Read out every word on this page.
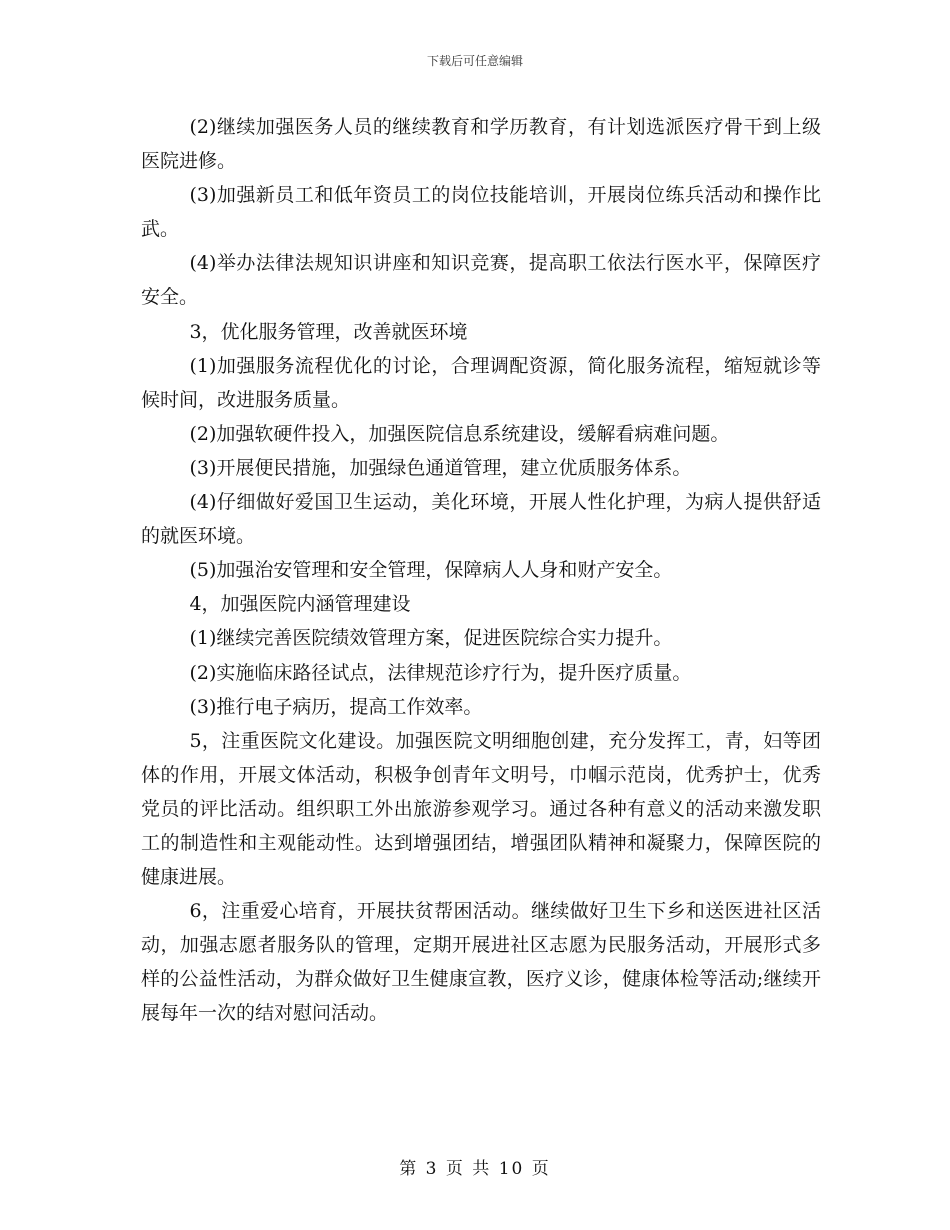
下载后可任意编辑

(2)继续加强医务人员的继续教育和学历教育，有计划选派医疗骨干到上级医院进修。

(3)加强新员工和低年资员工的岗位技能培训，开展岗位练兵活动和操作比武。

(4)举办法律法规知识讲座和知识竞赛，提高职工依法行医水平，保障医疗安全。

3，优化服务管理，改善就医环境

(1)加强服务流程优化的讨论，合理调配资源，简化服务流程，缩短就诊等候时间，改进服务质量。

(2)加强软硬件投入，加强医院信息系统建设，缓解看病难问题。

(3)开展便民措施，加强绿色通道管理，建立优质服务体系。

(4)仔细做好爱国卫生运动，美化环境，开展人性化护理，为病人提供舒适的就医环境。

(5)加强治安管理和安全管理，保障病人人身和财产安全。

4，加强医院内涵管理建设

(1)继续完善医院绩效管理方案，促进医院综合实力提升。

(2)实施临床路径试点，法律规范诊疗行为，提升医疗质量。

(3)推行电子病历，提高工作效率。

5，注重医院文化建设。加强医院文明细胞创建，充分发挥工，青，妇等团体的作用，开展文体活动，积极争创青年文明号，巾帼示范岗，优秀护士，优秀党员的评比活动。组织职工外出旅游参观学习。通过各种有意义的活动来激发职工的制造性和主观能动性。达到增强团结，增强团队精神和凝聚力，保障医院的健康进展。

6，注重爱心培育，开展扶贫帮困活动。继续做好卫生下乡和送医进社区活动，加强志愿者服务队的管理，定期开展进社区志愿为民服务活动，开展形式多样的公益性活动，为群众做好卫生健康宣教，医疗义诊，健康体检等活动;继续开展每年一次的结对慰问活动。

第 3 页 共 10 页
